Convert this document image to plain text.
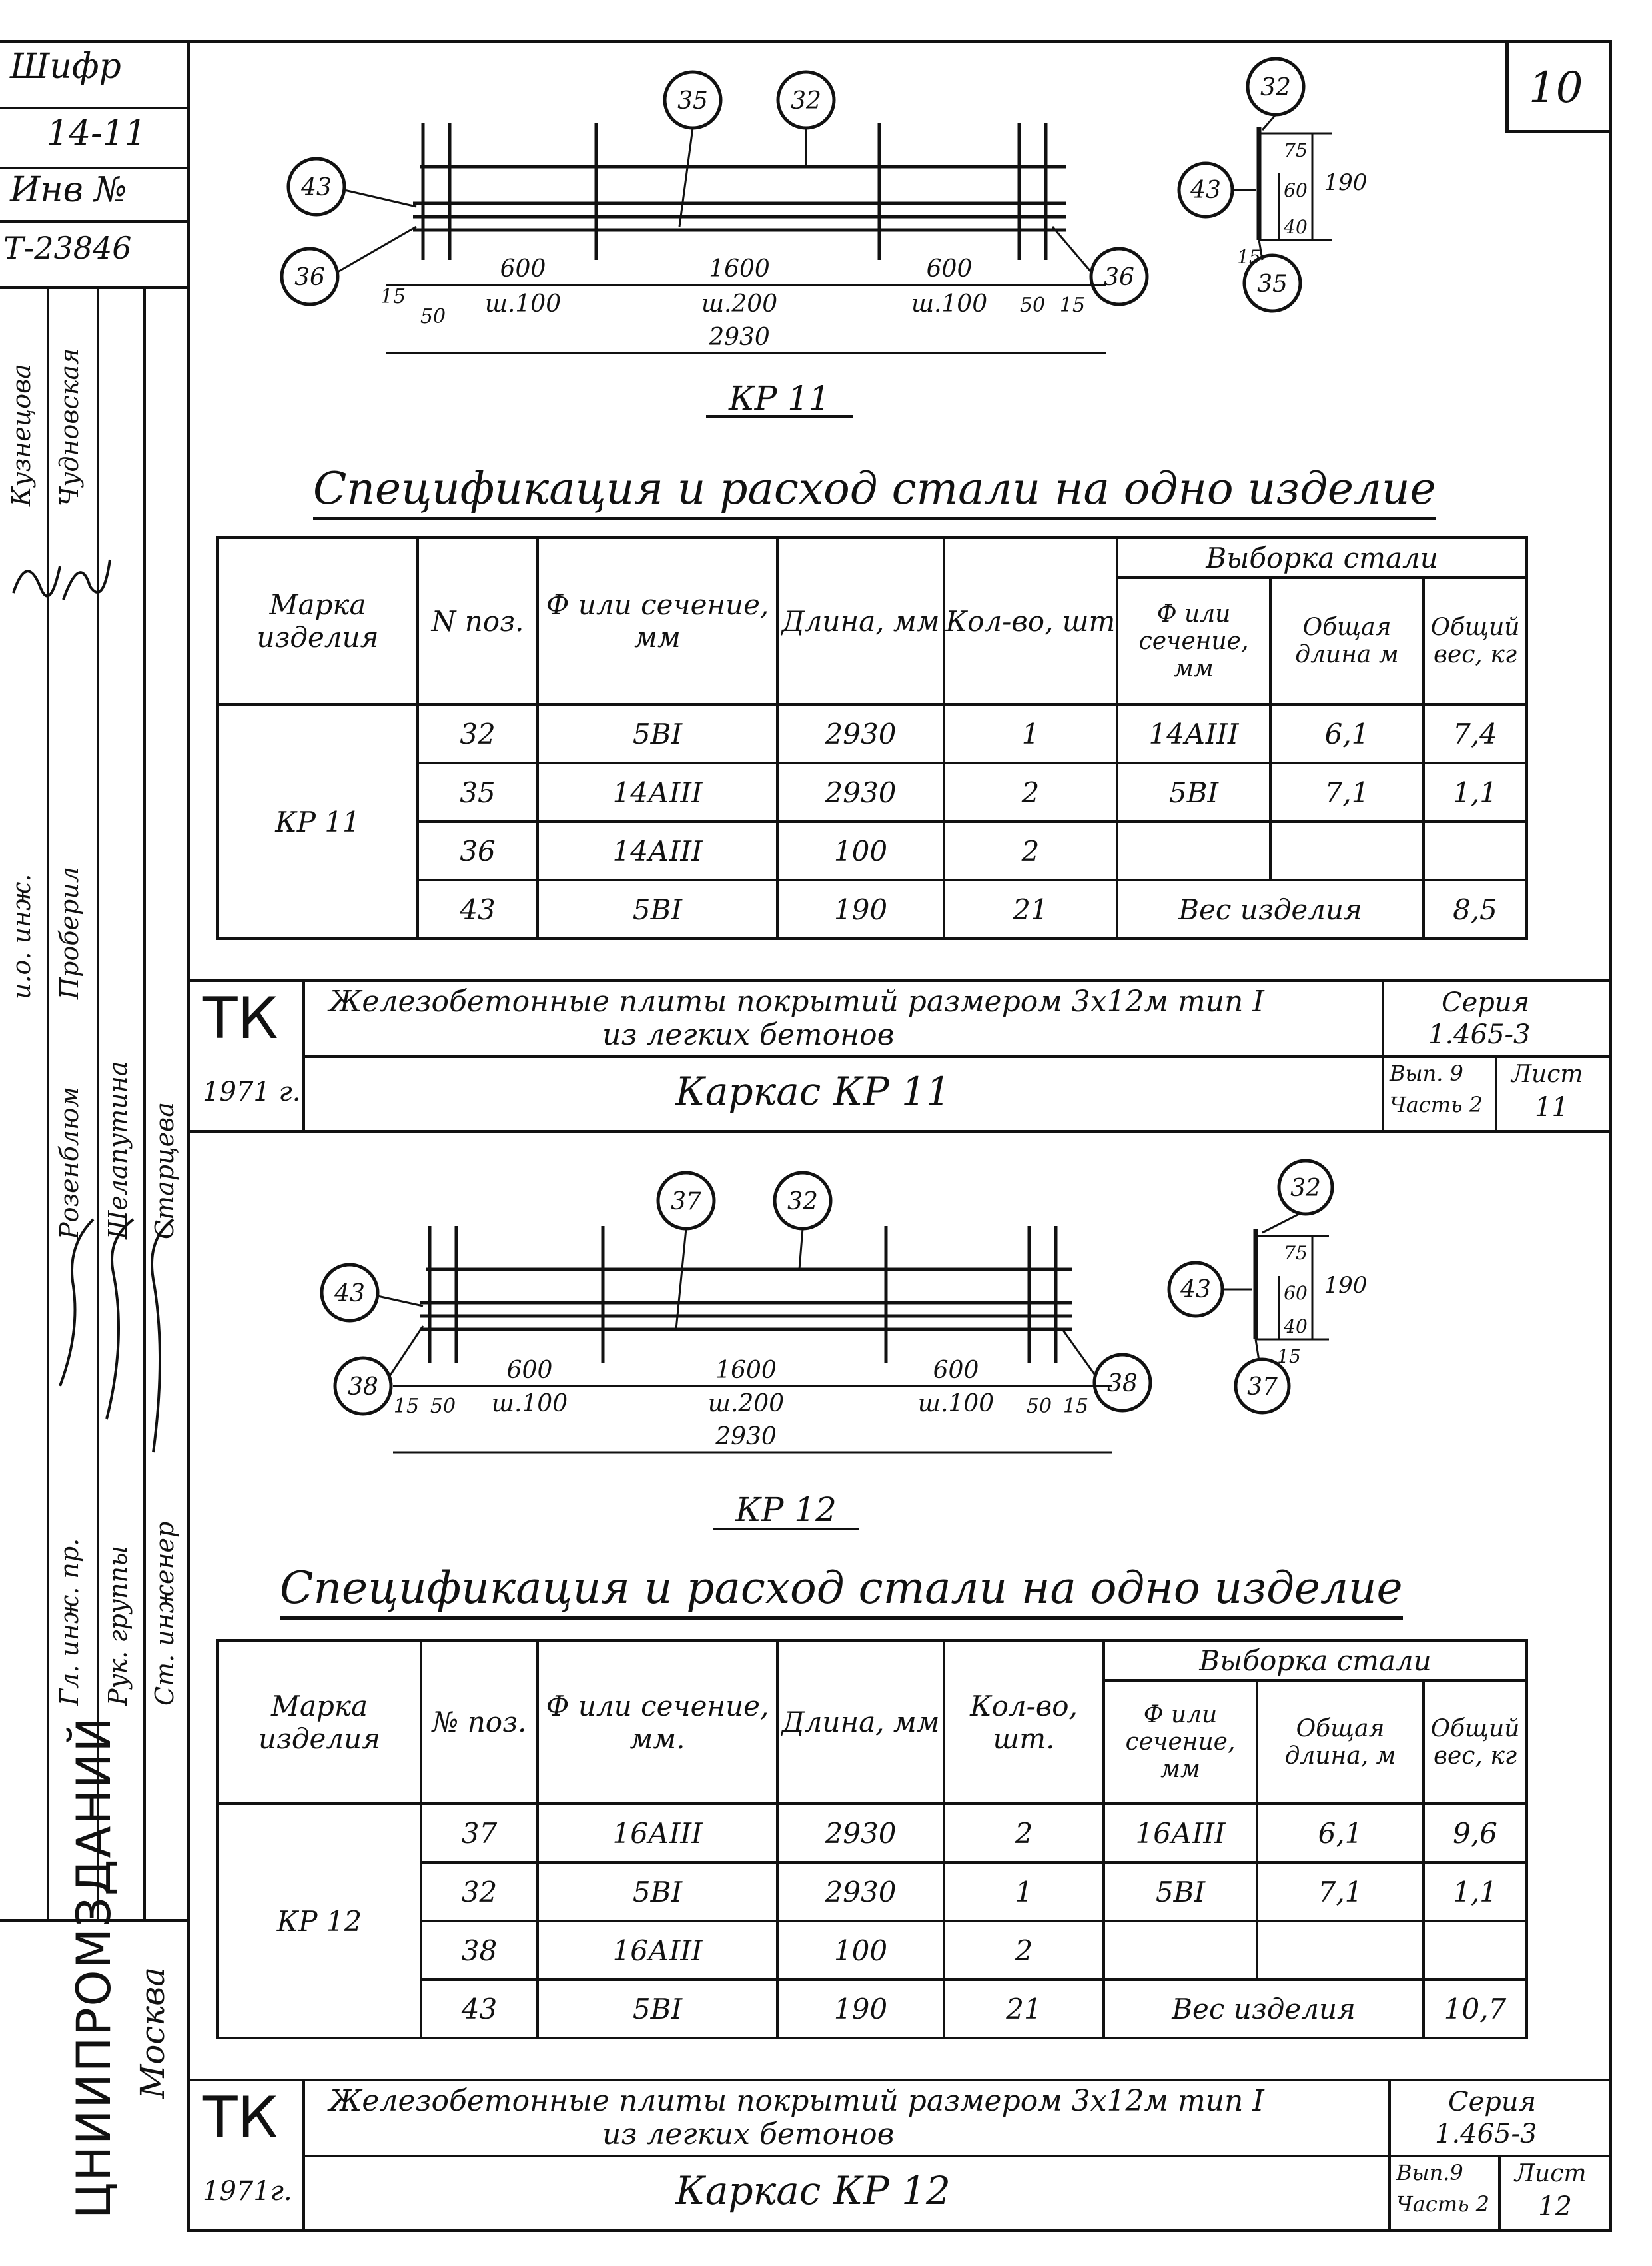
10
Шифр
14-11
Инв №
Т-23846
Кузнецова Чудновская
Проберил
и.о. инж.
Розенблюм Шелапутина Старцева
Гл. инж. пр. Рук. группы Ст. инженер
ЦНИИПРОМЗДАНИЙ Москва
35	32
43
36	36
600	1600	600
ш.100	ш.200	ш.100
15
50	50 15
2930
КР 11
32
43
35
75
60 190
40
15
Спецификация и расход стали на одно изделие
Марка изделия	N поз.	Ф или сечение, мм	Длина, мм	Кол-во, шт	Выборка стали		
					Ф или сечение, мм	Общая длина м	Общий вес, кг
КР 11	32	5ВI	2930	1	14АIII	6,1	7,4
	35	14АIII	2930	2	5ВI	7,1	1,1
	36	14АIII	100	2			
	43	5ВI	190	21	Вес изделия		8,5
ТК Железобетонные плиты покрытий размером 3x12м тип I
из легких бетонов
Серия
1.465-3
1971 г.	Каркас КР 11	Вып. 9
Часть 2
Лист
11
37	32
43
38	38
600	1600	600
ш.100	ш.200	ш.100
15 50	50 15
2930
КР 12
32
43
37
75
60 190
40
15
Спецификация и расход стали на одно изделие
Марка изделия	№ поз.	Ф или сечение, мм.	Длина, мм	Кол-во, шт.	Выборка стали		
					Ф или сечение, мм	Общая длина, м	Общий вес, кг
КР 12	37	16АIII	2930	2	16АIII	6,1	9,6
	32	5ВI	2930	1	5ВI	7,1	1,1
	38	16АIII	100	2			
	43	5ВI	190	21	Вес изделия		10,7
ТК Железобетонные плиты покрытий размером 3x12м тип I
из легких бетонов
Серия
1.465-3
1971г.	Каркас КР 12	Вып.9
Часть 2
Лист
12
